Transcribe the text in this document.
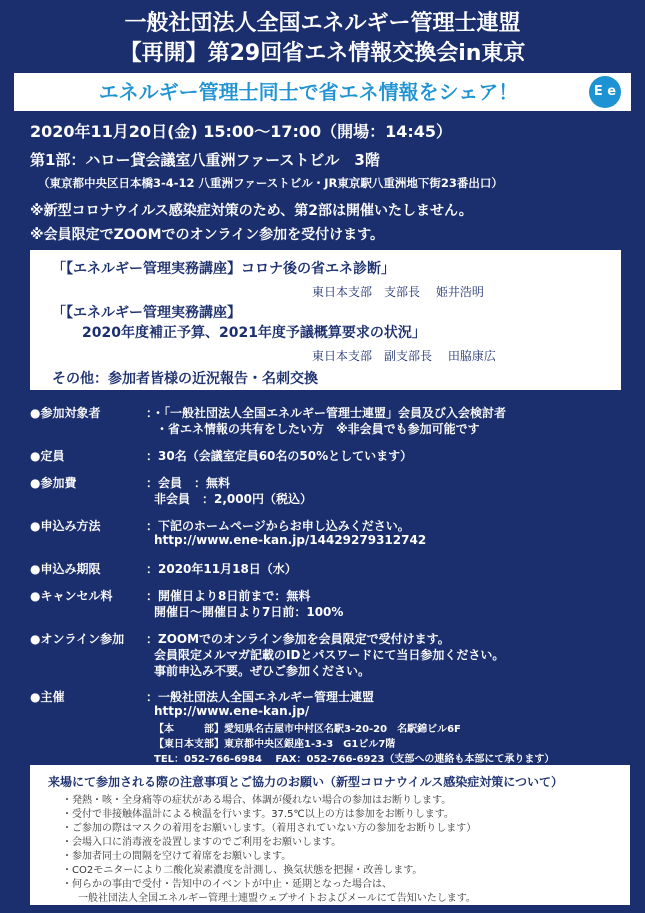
一般社団法人全国エネルギー管理士連盟
【再開】第29回省エネ情報交換会in東京
エネルギー管理士同士で省エネ情報をシェア！	E e
2020年11月20日(金) 15:00～17:00（開場：14:45）
第1部：ハロー貸会議室八重洲ファーストビル　3階
（東京都中央区日本橋3-4-12 八重洲ファーストビル・JR東京駅八重洲地下街23番出口）
※新型コロナウイルス感染症対策のため、第2部は開催いたしません。
※会員限定でZOOMでのオンライン参加を受付けます。
「【エネルギー管理実務講座】コロナ後の省エネ診断」
東日本支部　支部長　 姫井浩明
「【エネルギー管理実務講座】
2020年度補正予算、2021年度予議概算要求の状況」
東日本支部　副支部長　 田脇康広
その他：参加者皆様の近況報告・名刺交換
●参加対象者	：・「一般社団法人全国エネルギー管理士連盟」会員及び入会検討者
・省エネ情報の共有をしたい方　※非会員でも参加可能です
●定員	：30名（会議室定員60名の50%としています）
●参加費	：会員　：無料
非会員　：2,000円（税込）
●申込み方法	：下記のホームページからお申し込みください。
http://www.ene-kan.jp/14429279312742
●申込み期限	：2020年11月18日（水）
●キャンセル料	：開催日より8日前まで：無料
開催日～開催日より7日前：100%
●オンライン参加 ：ZOOMでのオンライン参加を会員限定で受付けます。
会員限定メルマガ記載のIDとパスワードにて当日参加ください。
事前申込み不要。ぜひご参加ください。
●主催	：一般社団法人全国エネルギー管理士連盟
http://www.ene-kan.jp/
【本　　　部】愛知県名古屋市中村区名駅3-20-20　名駅錦ビル6F
【東日本支部】東京都中央区銀座1-3-3　G1ビル7階
TEL：052-766-6984　 FAX：052-766-6923（支部への連絡も本部にて承ります）
来場にて参加される際の注意事項とご協力のお願い（新型コロナウイルス感染症対策について）
・発熱・咳・全身痛等の症状がある場合、体調が優れない場合の参加はお断りします。
・受付で非接触体温計による検温を行います。37.5℃以上の方は参加をお断りします。
・ご参加の際はマスクの着用をお願いします。（着用されていない方の参加をお断りします）
・会場入口に消毒液を設置しますのでご利用をお願いします。
・参加者同士の間隔を空けて着席をお願いします。
・CO2モニターにより二酸化炭素濃度を計測し、換気状態を把握・改善します。
・何らかの事由で受付・告知中のイベントが中止・延期となった場合は、
一般社団法人全国エネルギー管理士連盟ウェブサイトおよびメールにて告知いたします。
